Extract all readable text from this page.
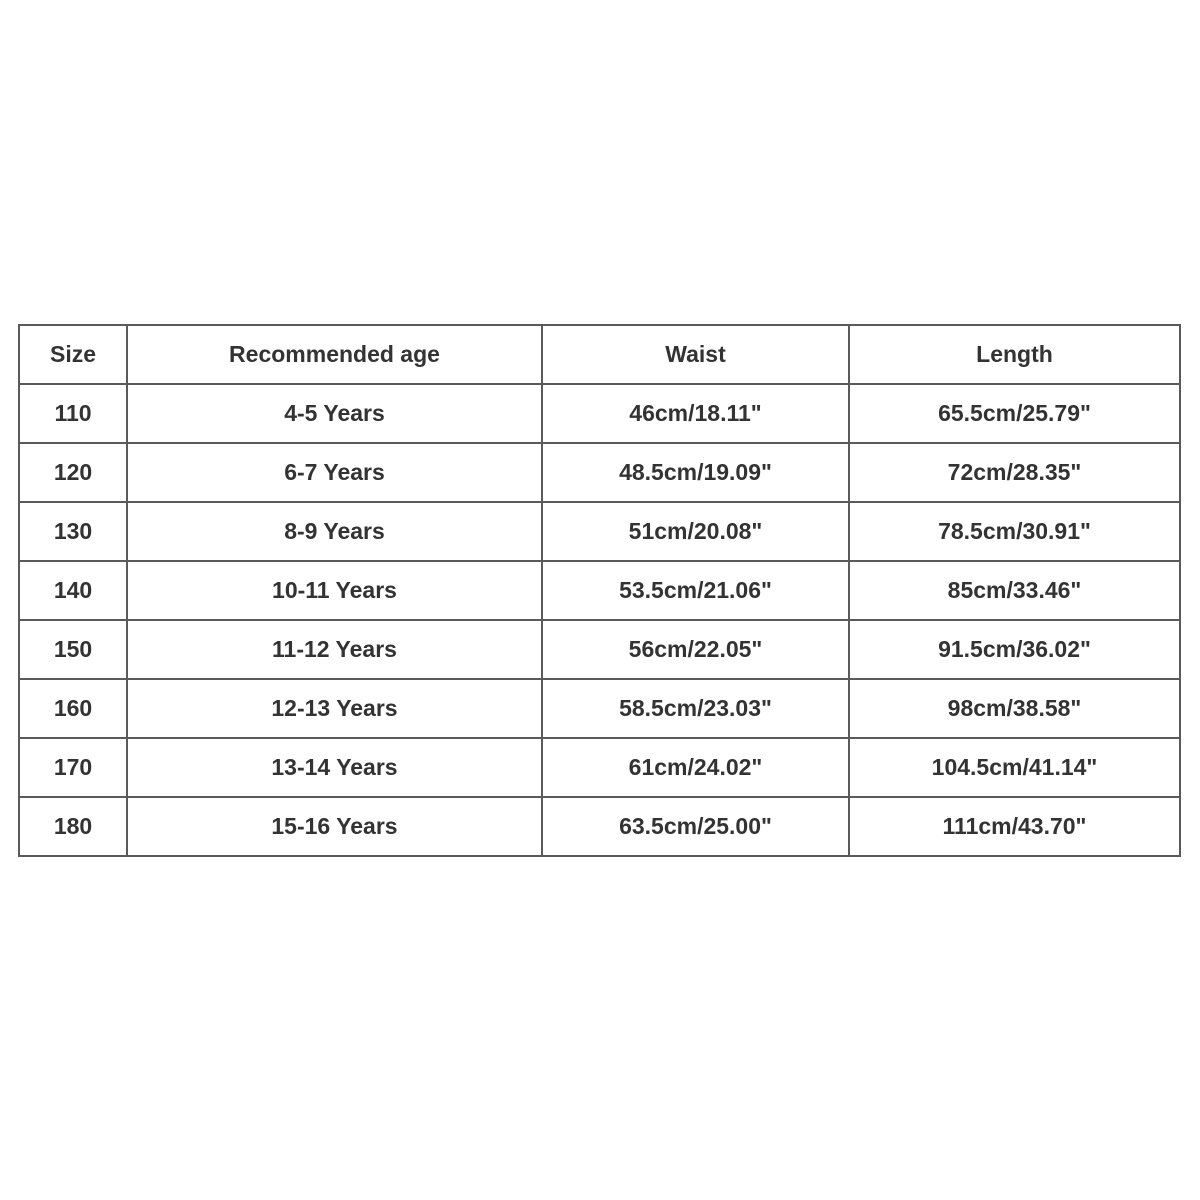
Size	Recommended age	Waist	Length
110	4-5 Years	46cm/18.11"	65.5cm/25.79"
120	6-7 Years	48.5cm/19.09"	72cm/28.35"
130	8-9 Years	51cm/20.08"	78.5cm/30.91"
140	10-11 Years	53.5cm/21.06"	85cm/33.46"
150	11-12 Years	56cm/22.05"	91.5cm/36.02"
160	12-13 Years	58.5cm/23.03"	98cm/38.58"
170	13-14 Years	61cm/24.02"	104.5cm/41.14"
180	15-16 Years	63.5cm/25.00"	111cm/43.70"
